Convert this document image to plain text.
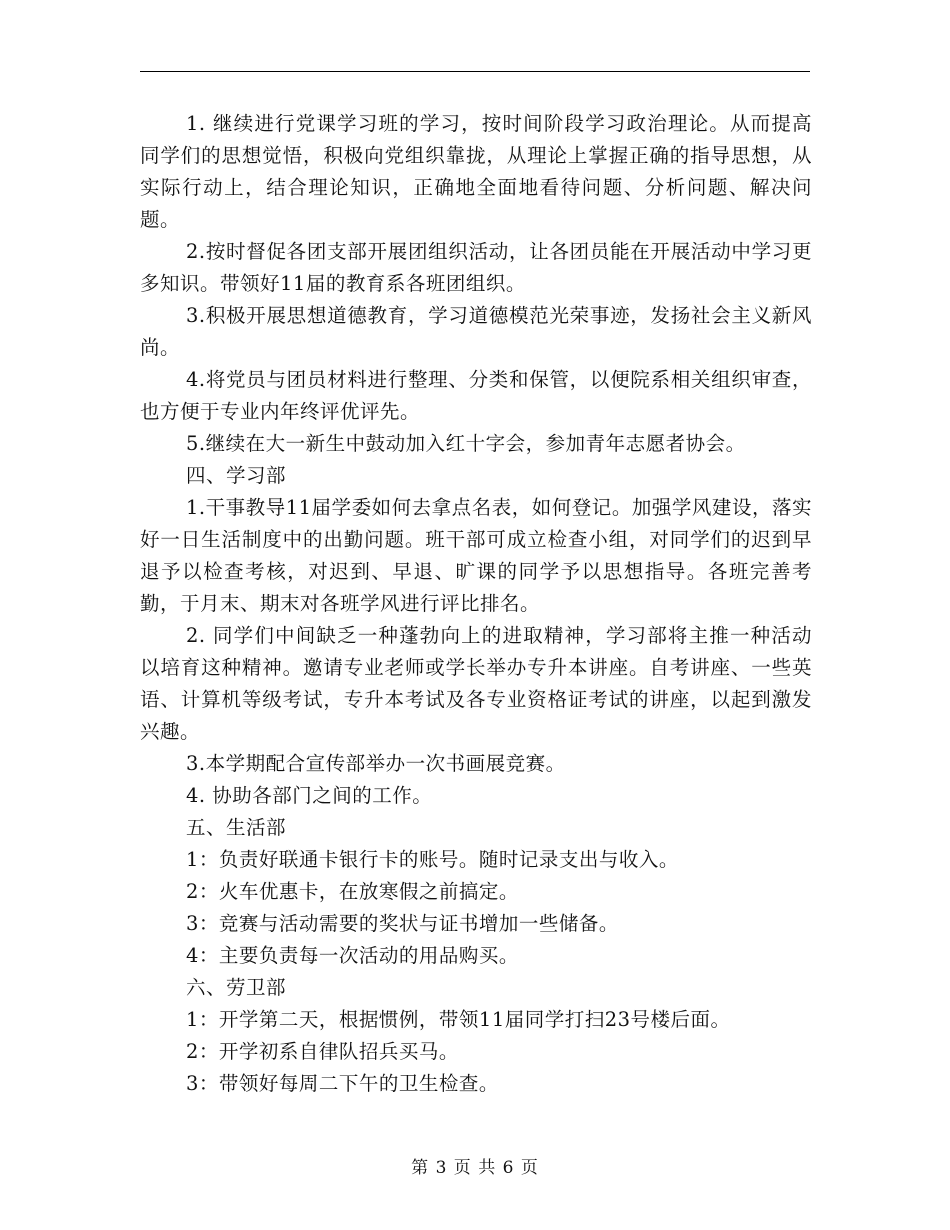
1. 继续进行党课学习班的学习，按时间阶段学习政治理论。从而提高同学们的思想觉悟，积极向党组织靠拢，从理论上掌握正确的指导思想，从实际行动上，结合理论知识，正确地全面地看待问题、分析问题、解决问题。

2.按时督促各团支部开展团组织活动，让各团员能在开展活动中学习更多知识。带领好11届的教育系各班团组织。

3.积极开展思想道德教育，学习道德模范光荣事迹，发扬社会主义新风尚。

4.将党员与团员材料进行整理、分类和保管，以便院系相关组织审查，也方便于专业内年终评优评先。

5.继续在大一新生中鼓动加入红十字会，参加青年志愿者协会。

四、学习部

1.干事教导11届学委如何去拿点名表，如何登记。加强学风建设，落实好一日生活制度中的出勤问题。班干部可成立检查小组，对同学们的迟到早退予以检查考核，对迟到、早退、旷课的同学予以思想指导。各班完善考勤，于月末、期末对各班学风进行评比排名。

2. 同学们中间缺乏一种蓬勃向上的进取精神，学习部将主推一种活动以培育这种精神。邀请专业老师或学长举办专升本讲座。自考讲座、一些英语、计算机等级考试，专升本考试及各专业资格证考试的讲座，以起到激发兴趣。

3.本学期配合宣传部举办一次书画展竞赛。

4. 协助各部门之间的工作。

五、生活部

1：负责好联通卡银行卡的账号。随时记录支出与收入。

2：火车优惠卡，在放寒假之前搞定。

3：竞赛与活动需要的奖状与证书增加一些储备。

4：主要负责每一次活动的用品购买。

六、劳卫部

1：开学第二天，根据惯例，带领11届同学打扫23号楼后面。

2：开学初系自律队招兵买马。

3：带领好每周二下午的卫生检查。

第 3 页 共 6 页
